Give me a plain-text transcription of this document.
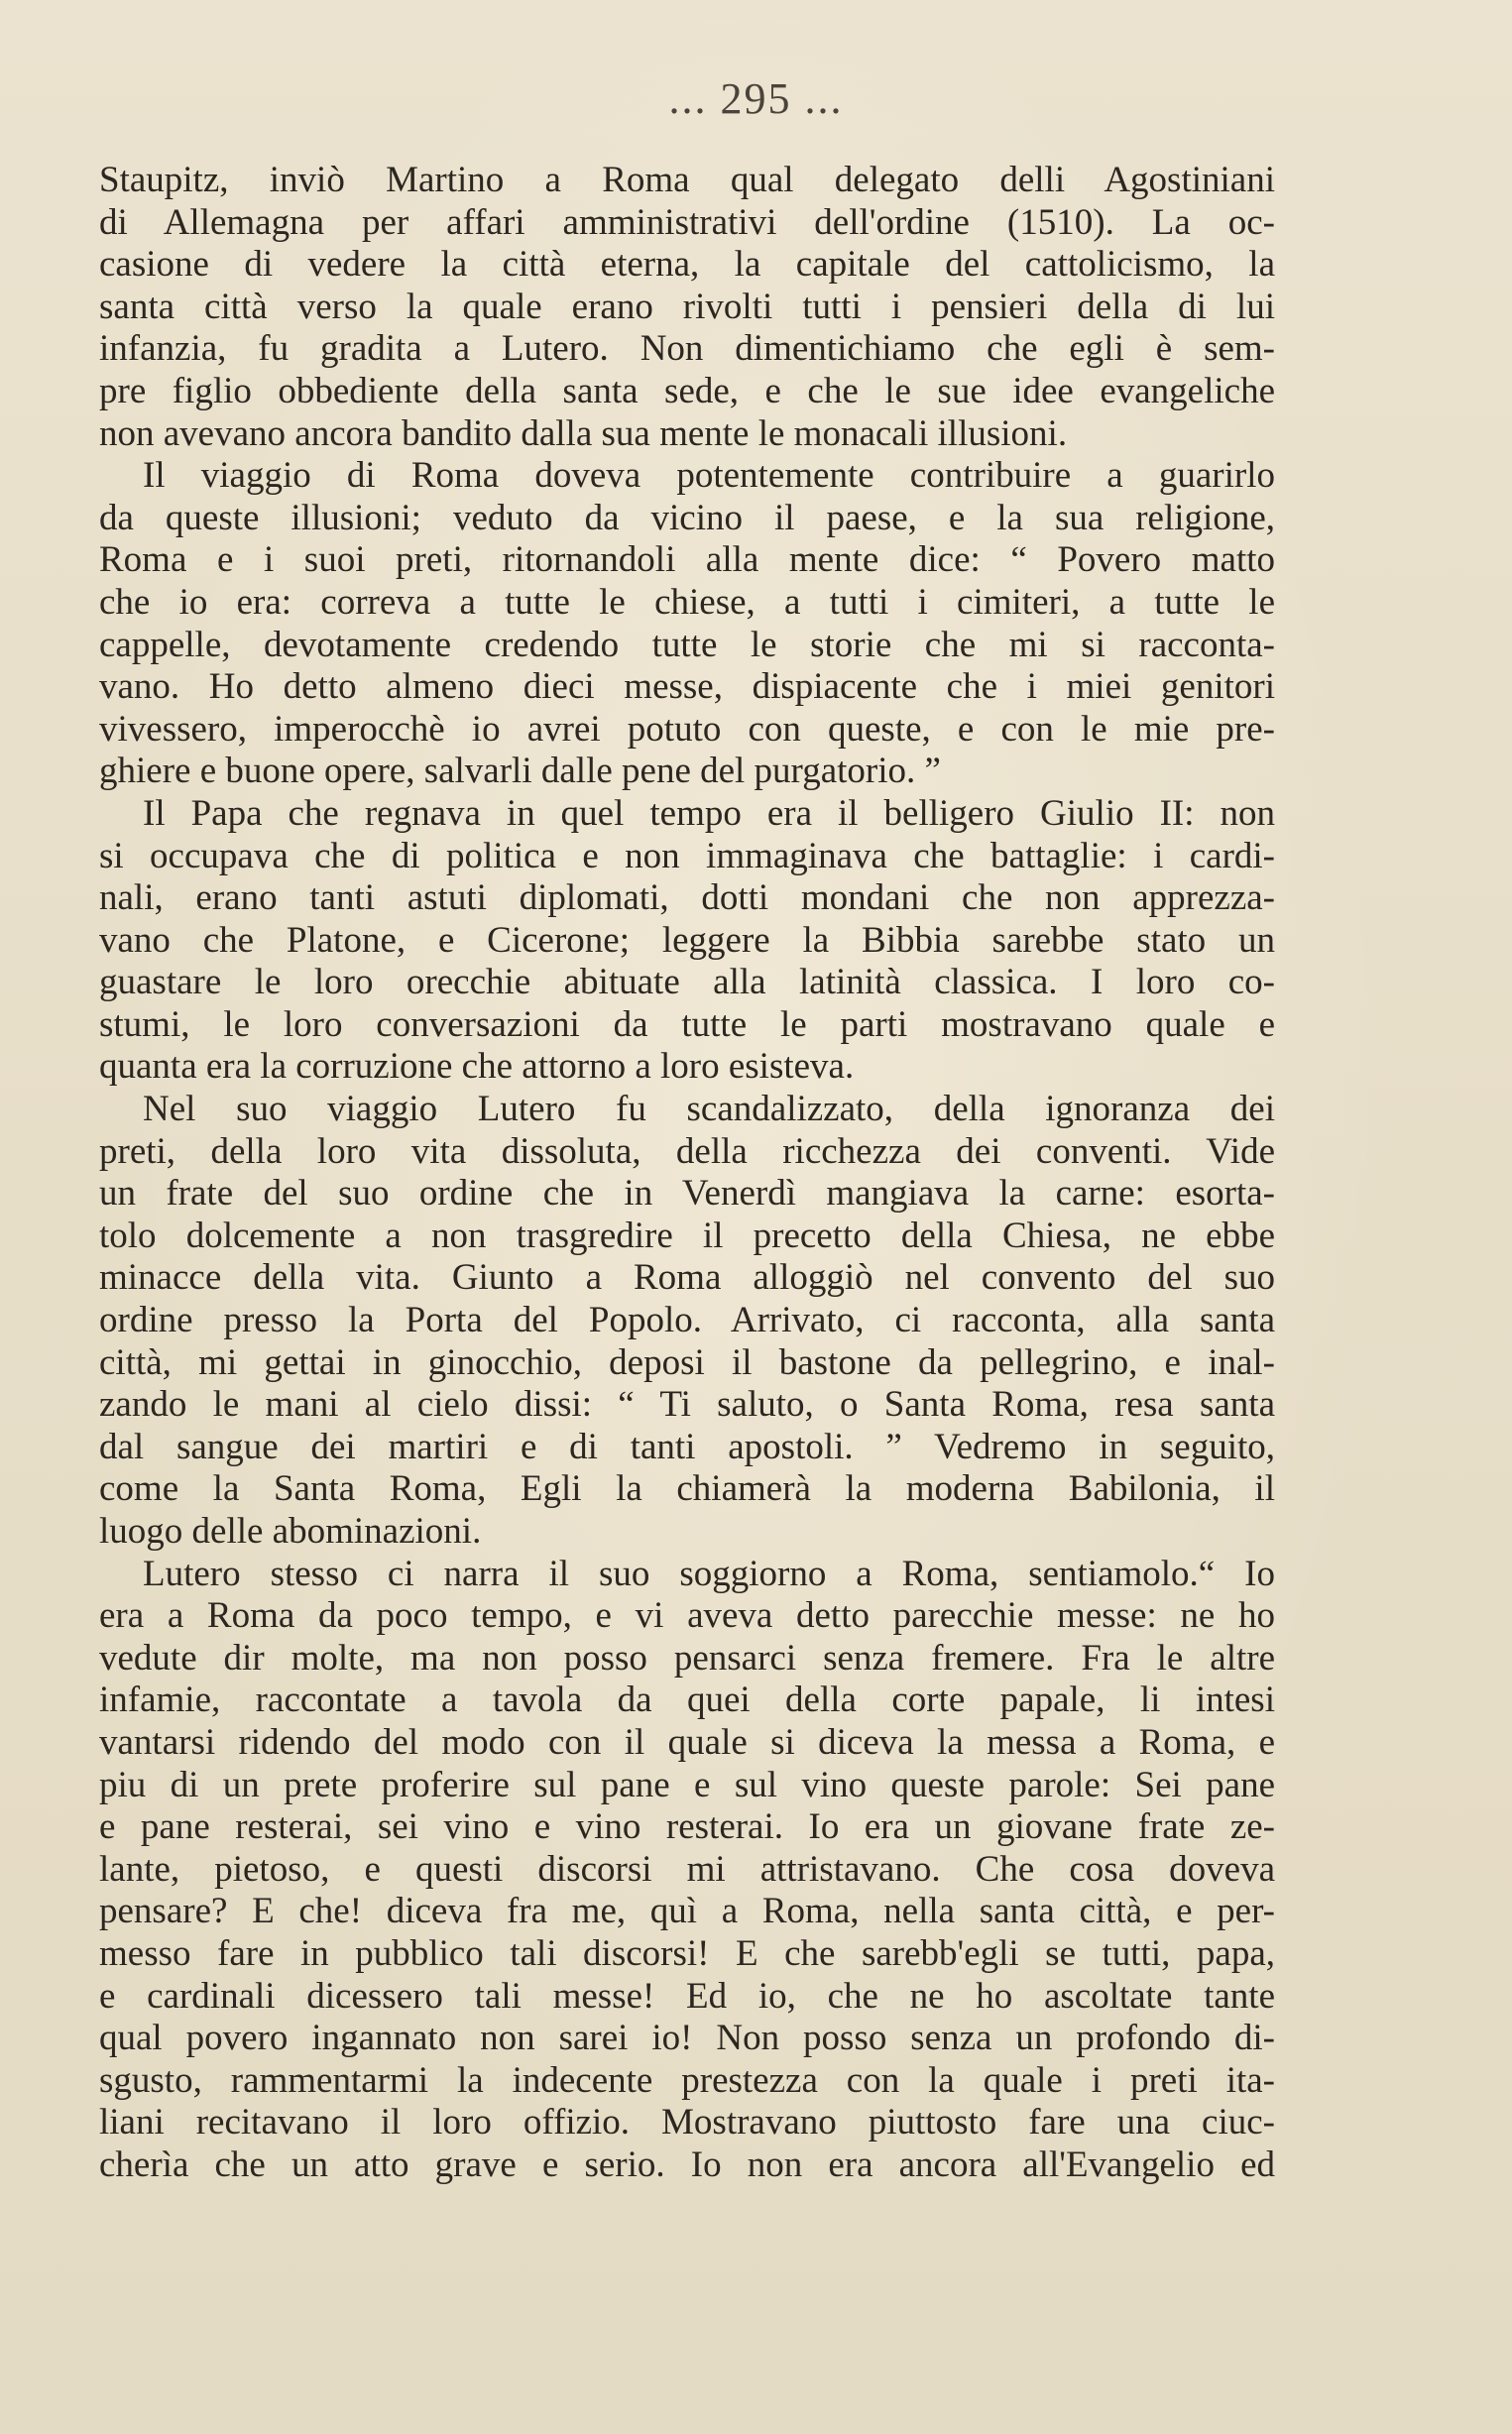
... 295 ...
Staupitz, inviò Martino a Roma qual delegato delli Agostiniani
di Allemagna per affari amministrativi dell'ordine (1510). La oc-
casione di vedere la città eterna, la capitale del cattolicismo, la
santa città verso la quale erano rivolti tutti i pensieri della di lui
infanzia, fu gradita a Lutero. Non dimentichiamo che egli è sem-
pre figlio obbediente della santa sede, e che le sue idee evangeliche
non avevano ancora bandito dalla sua mente le monacali illusioni.
Il viaggio di Roma doveva potentemente contribuire a guarirlo
da queste illusioni; veduto da vicino il paese, e la sua religione,
Roma e i suoi preti, ritornandoli alla mente dice: “ Povero matto
che io era: correva a tutte le chiese, a tutti i cimiteri, a tutte le
cappelle, devotamente credendo tutte le storie che mi si racconta-
vano. Ho detto almeno dieci messe, dispiacente che i miei genitori
vivessero, imperocchè io avrei potuto con queste, e con le mie pre-
ghiere e buone opere, salvarli dalle pene del purgatorio. ”
Il Papa che regnava in quel tempo era il belligero Giulio II: non
si occupava che di politica e non immaginava che battaglie: i cardi-
nali, erano tanti astuti diplomati, dotti mondani che non apprezza-
vano che Platone, e Cicerone; leggere la Bibbia sarebbe stato un
guastare le loro orecchie abituate alla latinità classica. I loro co-
stumi, le loro conversazioni da tutte le parti mostravano quale e
quanta era la corruzione che attorno a loro esisteva.
Nel suo viaggio Lutero fu scandalizzato, della ignoranza dei
preti, della loro vita dissoluta, della ricchezza dei conventi. Vide
un frate del suo ordine che in Venerdì mangiava la carne: esorta-
tolo dolcemente a non trasgredire il precetto della Chiesa, ne ebbe
minacce della vita. Giunto a Roma alloggiò nel convento del suo
ordine presso la Porta del Popolo. Arrivato, ci racconta, alla santa
città, mi gettai in ginocchio, deposi il bastone da pellegrino, e inal-
zando le mani al cielo dissi: “ Ti saluto, o Santa Roma, resa santa
dal sangue dei martiri e di tanti apostoli. ” Vedremo in seguito,
come la Santa Roma, Egli la chiamerà la moderna Babilonia, il
luogo delle abominazioni.
Lutero stesso ci narra il suo soggiorno a Roma, sentiamolo.“ Io
era a Roma da poco tempo, e vi aveva detto parecchie messe: ne ho
vedute dir molte, ma non posso pensarci senza fremere. Fra le altre
infamie, raccontate a tavola da quei della corte papale, li intesi
vantarsi ridendo del modo con il quale si diceva la messa a Roma, e
piu di un prete proferire sul pane e sul vino queste parole: Sei pane
e pane resterai, sei vino e vino resterai. Io era un giovane frate ze-
lante, pietoso, e questi discorsi mi attristavano. Che cosa doveva
pensare? E che! diceva fra me, quì a Roma, nella santa città, e per-
messo fare in pubblico tali discorsi! E che sarebb'egli se tutti, papa,
e cardinali dicessero tali messe! Ed io, che ne ho ascoltate tante
qual povero ingannato non sarei io! Non posso senza un profondo di-
sgusto, rammentarmi la indecente prestezza con la quale i preti ita-
liani recitavano il loro offizio. Mostravano piuttosto fare una ciuc-
cherìa che un atto grave e serio. Io non era ancora all'Evangelio ed
